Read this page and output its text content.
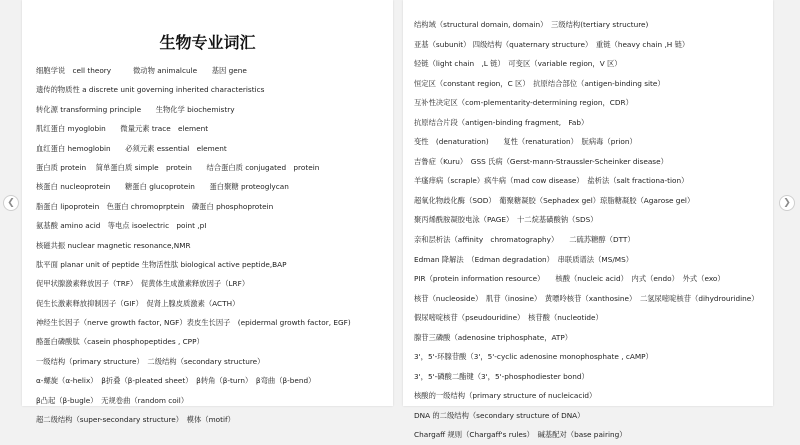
生物专业词汇
细胞学说　cell theory　　　微动物 animalcule　　基因 gene
遗传的物质性 a discrete unit governing inherited characteristics
转化源 transforming principle　　生物化学 biochemistry
肌红蛋白 myoglobin　　微量元素 trace　element
血红蛋白 hemoglobin　　必须元素 essential　element
蛋白质 protein　 简单蛋白质 simple　protein　　结合蛋白质 conjugated　protein
核蛋白 nucleoprotein　　糖蛋白 glucoprotein　　蛋白聚糖 proteoglycan
脂蛋白 lipoprotein　色蛋白 chromoprptein　磷蛋白 phosphoprotein
氨基酸 amino acid　等电点 isoelectric　point ,pI
核磁共振 nuclear magnetic resonance,NMR
肽平面 planar unit of peptide 生物活性肽 biological active peptide,BAP
促甲状腺激素释放因子（TRF）　促黄体生成激素释放因子（LRF）
促生长激素释放抑制因子（GIF）　促肾上腺皮质激素（ACTH）
神经生长因子（nerve growth factor, NGF）表皮生长因子　(epidermal growth factor, EGF)
酪蛋白磷酸肽（casein phosphopeptides , CPP）
一级结构（primary structure）　二级结构（secondary structure）
α-螺旋（α-helix）　β折叠（β-pleated sheet）　β转角（β-turn）　β弯曲（β-bend）
β凸起（β-bugle）　无规卷曲（random coil）
超二级结构（super-secondary structure）　模体（motif）
结构域（structural domain, domain）　三级结构(tertiary structure)
亚基（subunit） 四级结构（quaternary structure）　重链（heavy chain ,H 链）
轻链（light chain　,L 链）　可变区（variable region，V 区）
恒定区（constant region，C 区）　抗原结合部位（antigen-binding site）
互补性决定区（com-plementarity-determining region，CDR）
抗原结合片段（antigen-binding fragment,　Fab）
变性　(denaturation)　　复性（renaturation）　朊病毒（prion）
吉鲁症（Kuru）　GSS 氏病（Gerst-mann-Straussler-Scheinker disease）
羊瘙痒病（scraple）疯牛病（mad cow disease）　盐析法（salt fractiona-tion）
超氧化物歧化酶（SOD）　葡聚糖凝胶（Sephadex gel）琼脂糖凝胶（Agarose gel）
聚丙烯酰胺凝胶电泳（PAGE）　十二烷基磺酸钠（SDS）
亲和层析法（affinity　chromatography）　　二硫苏糖醇（DTT）
Edman 降解法　（Edman degradation）　串联质谱法（MS/MS）
PIR（protein information resource）　　核酸（nucleic acid）　内式（endo）　外式（exo）
核苷（nucleoside）　肌苷（inosine）　黄嘌呤核苷（xanthosine）　二氢尿嘧啶核苷（dihydrouridine）
假尿嘧啶核苷（pseudouridine）　核苷酸（nucleotide）
腺苷三磷酸（adenosine triphosphate，ATP）
3'，5'-环腺苷酸（3'，5'-cyclic adenosine monophosphate , cAMP）
3'，5'-磷酸二酯键（3'，5'-phosphodiester bond）
核酸的一级结构（primary structure of nucleicacid）
DNA 的二级结构（secondary structure of DNA）
Chargaff 规则（Chargaff's rules）　碱基配对（base pairing）
❮	❯
